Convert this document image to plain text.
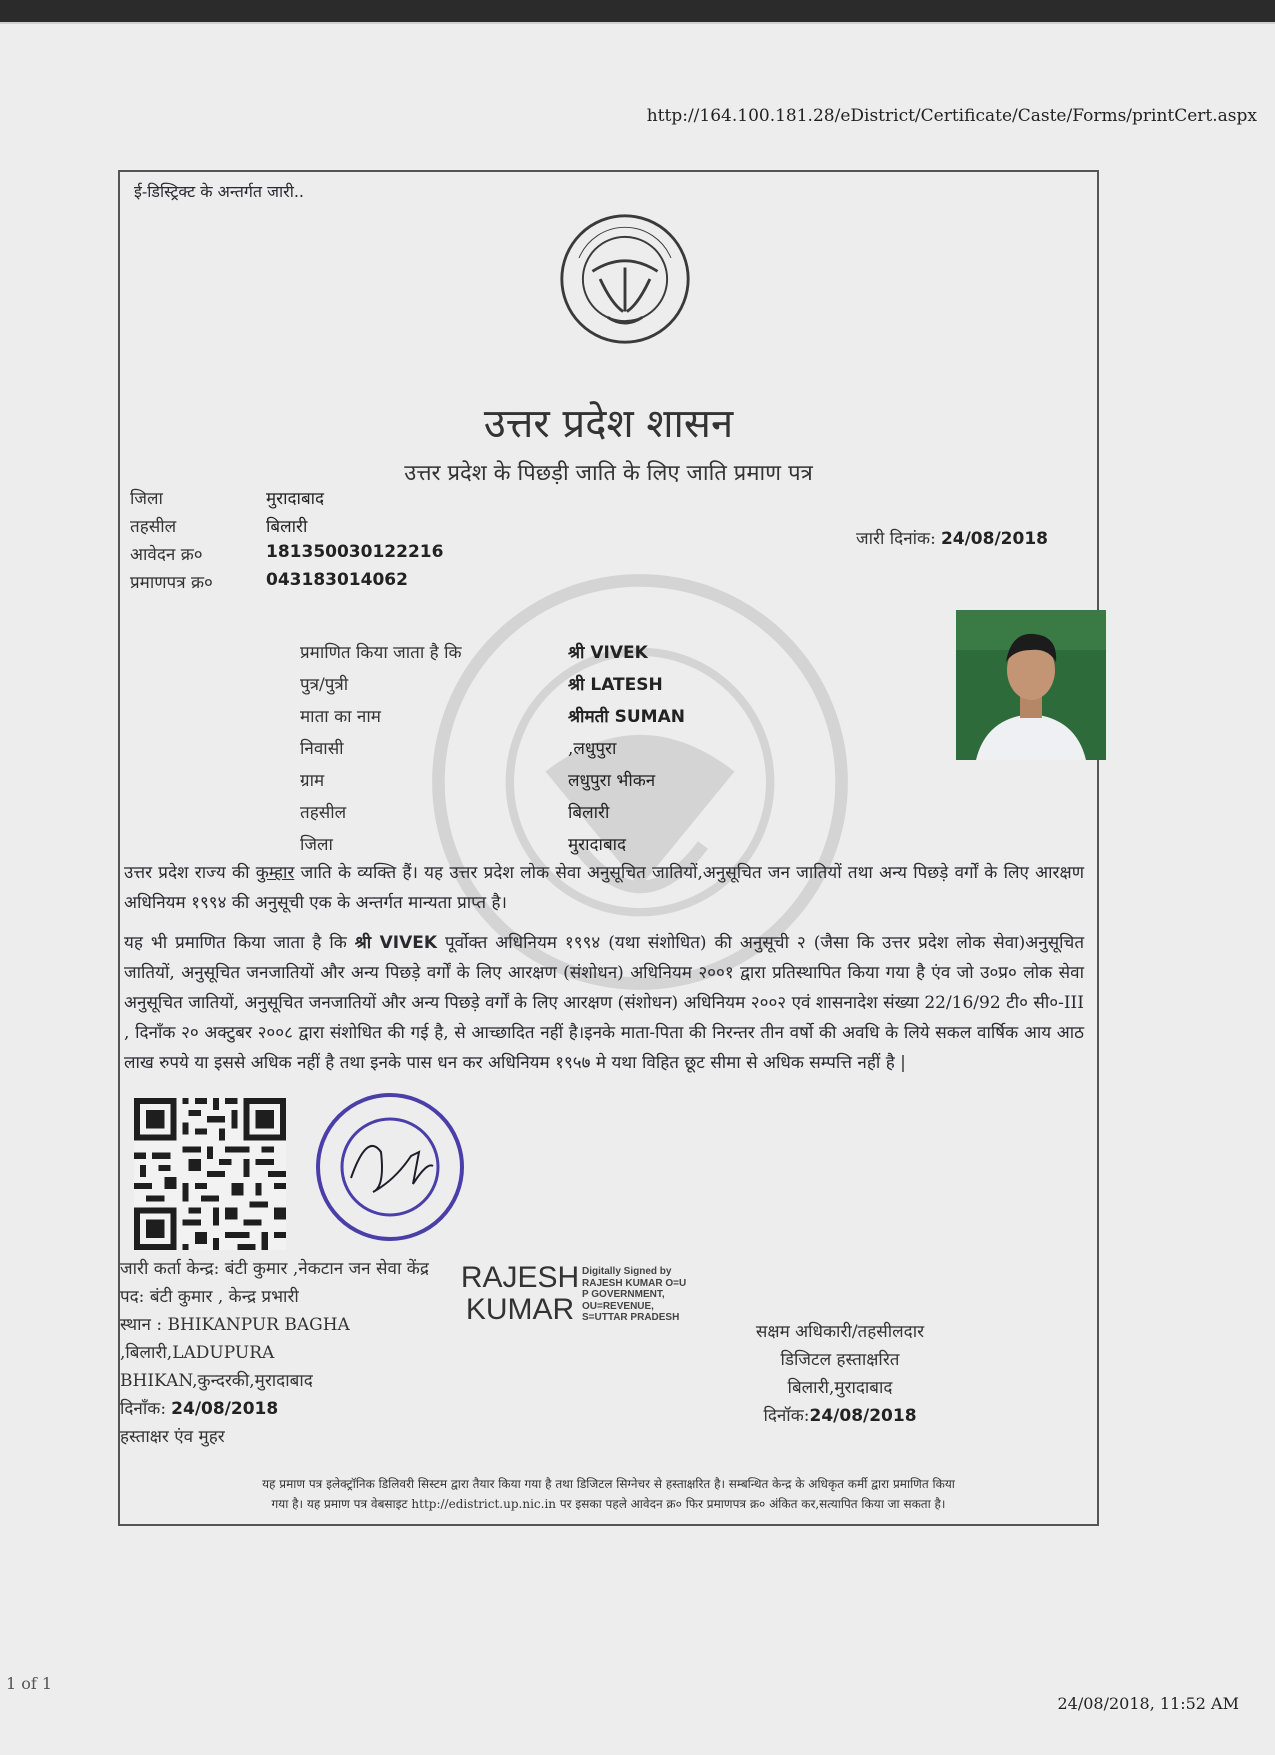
http://164.100.181.28/eDistrict/Certificate/Caste/Forms/printCert.aspx
ई-डिस्ट्रिक्ट के अन्तर्गत जारी..
उत्तर प्रदेश शासन
उत्तर प्रदेश के पिछड़ी जाति के लिए जाति प्रमाण पत्र
जिला	मुरादाबाद
तहसील	बिलारी
आवेदन क्र०	181350030122216
प्रमाणपत्र क्र०	043183014062
जारी दिनांक: 24/08/2018
प्रमाणित किया जाता है कि	श्री VIVEK
पुत्र/पुत्री	श्री LATESH
माता का नाम	श्रीमती SUMAN
निवासी	,लधुपुरा
ग्राम	लधुपुरा भीकन
तहसील	बिलारी
जिला	मुरादाबाद
उत्तर प्रदेश राज्य की कुम्हार जाति के व्यक्ति हैं। यह उत्तर प्रदेश लोक सेवा अनुसूचित जातियों,अनुसूचित जन जातियों तथा अन्य पिछड़े वर्गों के लिए आरक्षण अधिनियम १९९४ की अनुसूची एक के अन्तर्गत मान्यता प्राप्त है।
यह भी प्रमाणित किया जाता है कि श्री VIVEK पूर्वोक्त अधिनियम १९९४ (यथा संशोधित) की अनुसूची २ (जैसा कि उत्तर प्रदेश लोक सेवा)अनुसूचित जातियों, अनुसूचित जनजातियों और अन्य पिछड़े वर्गों के लिए आरक्षण (संशोधन) अधिनियम २००१ द्वारा प्रतिस्थापित किया गया है एंव जो उ०प्र० लोक सेवा अनुसूचित जातियों, अनुसूचित जनजातियों और अन्य पिछड़े वर्गों के लिए आरक्षण (संशोधन) अधिनियम २००२ एवं शासनादेश संख्या 22/16/92 टी० सी०-III , दिनाँक २० अक्टुबर २००८ द्वारा संशोधित की गई है, से आच्छादित नहीं है।इनके माता-पिता की निरन्तर तीन वर्षो की अवधि के लिये सकल वार्षिक आय आठ लाख रुपये या इससे अधिक नहीं है तथा इनके पास धन कर अधिनियम १९५७ मे यथा विहित छूट सीमा से अधिक सम्पत्ति नहीं है |
जारी कर्ता केन्द्र: बंटी कुमार ,नेकटान जन सेवा केंद्र
पद: बंटी कुमार , केन्द्र प्रभारी
स्थान : BHIKANPUR BAGHA
,बिलारी,LADUPURA
BHIKAN,कुन्दरकी,मुरादाबाद
दिनाँक: 24/08/2018
हस्ताक्षर एंव मुहर
RAJESH
KUMAR
Digitally Signed by
RAJESH KUMAR O=U
P GOVERNMENT,
OU=REVENUE,
S=UTTAR PRADESH
सक्षम अधिकारी/तहसीलदार
डिजिटल हस्ताक्षरित
बिलारी,मुरादाबाद
दिनॉक:24/08/2018
यह प्रमाण पत्र इलेक्ट्रॉनिक डिलिवरी सिस्टम द्वारा तैयार किया गया है तथा डिजिटल सिग्नेचर से हस्ताक्षरित है। सम्बन्धित केन्द्र के अधिकृत कर्मी द्वारा प्रमाणित किया
गया है। यह प्रमाण पत्र वेबसाइट http://edistrict.up.nic.in पर इसका पहले आवेदन क्र० फिर प्रमाणपत्र क्र० अंकित कर,सत्यापित किया जा सकता है।
1 of 1
24/08/2018, 11:52 AM
